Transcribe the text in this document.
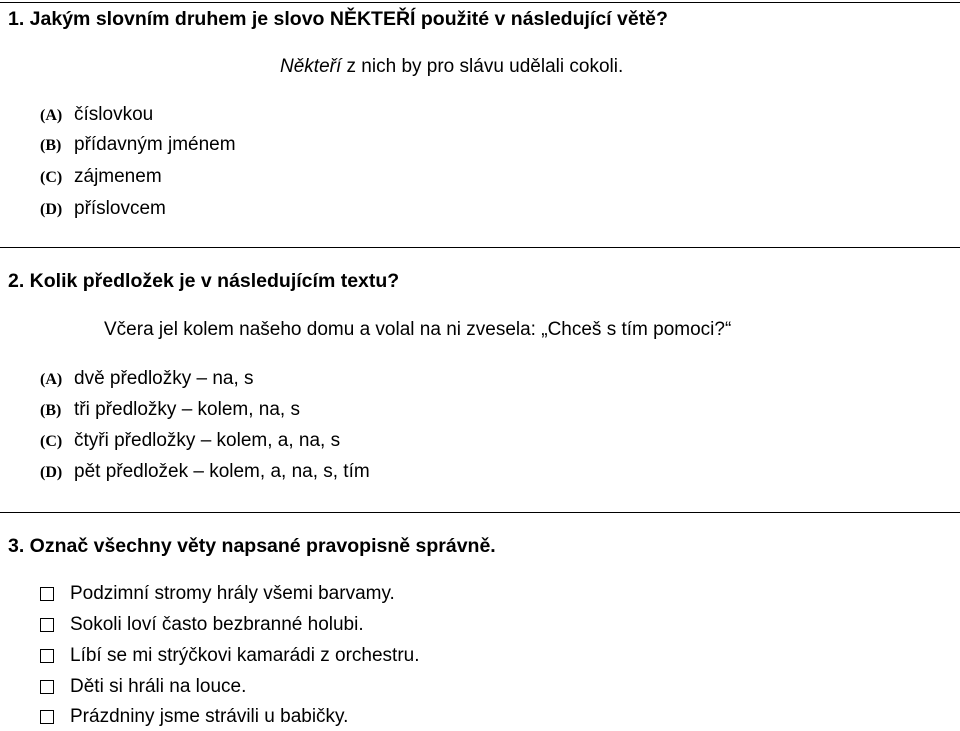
1. Jakým slovním druhem je slovo NĚKTEŘÍ použité v následující větě?
Někteří z nich by pro slávu udělali cokoli.
(A) číslovkou
(B) přídavným jménem
(C) zájmenem
(D) příslovcem
2. Kolik předložek je v následujícím textu?
Včera jel kolem našeho domu a volal na ni zvesela: „Chceš s tím pomoci?“
(A) dvě předložky – na, s
(B) tři předložky – kolem, na, s
(C) čtyři předložky – kolem, a, na, s
(D) pět předložek – kolem, a, na, s, tím
3. Označ všechny věty napsané pravopisně správně.
Podzimní stromy hrály všemi barvamy.
Sokoli loví často bezbranné holubi.
Líbí se mi strýčkovi kamarádi z orchestru.
Děti si hráli na louce.
Prázdniny jsme strávili u babičky.
